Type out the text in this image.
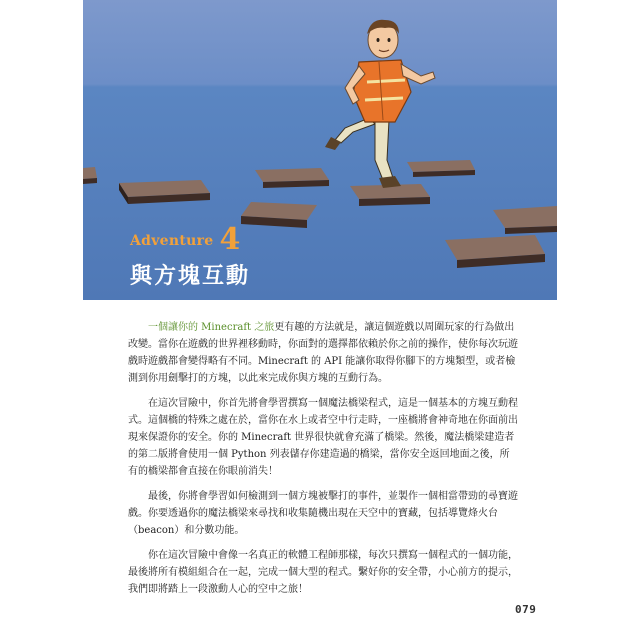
Adventure 4
與方塊互動

一個讓你的 Minecraft 之旅更有趣的方法就是，讓這個遊戲以周圍玩家的行為做出改變。當你在遊戲的世界裡移動時，你面對的選擇都依賴於你之前的操作，使你每次玩遊戲時遊戲都會變得略有不同。Minecraft 的 API 能讓你取得你腳下的方塊類型，或者檢測到你用劍擊打的方塊，以此來完成你與方塊的互動行為。

在這次冒險中，你首先將會學習撰寫一個魔法橋梁程式，這是一個基本的方塊互動程式。這個橋的特殊之處在於，當你在水上或者空中行走時，一座橋將會神奇地在你面前出現來保證你的安全。你的 Minecraft 世界很快就會充滿了橋梁。然後，魔法橋梁建造者的第二版將會使用一個 Python 列表儲存你建造過的橋梁，當你安全返回地面之後，所有的橋梁都會直接在你眼前消失！

最後，你將會學習如何檢測到一個方塊被擊打的事件，並製作一個相當帶勁的尋寶遊戲。你要透過你的魔法橋梁來尋找和收集隨機出現在天空中的寶藏，包括導覽烽火台（beacon）和分數功能。

你在這次冒險中會像一名真正的軟體工程師那樣，每次只撰寫一個程式的一個功能，最後將所有模組組合在一起，完成一個大型的程式。繫好你的安全帶，小心前方的提示，我們即將踏上一段激動人心的空中之旅！

079
